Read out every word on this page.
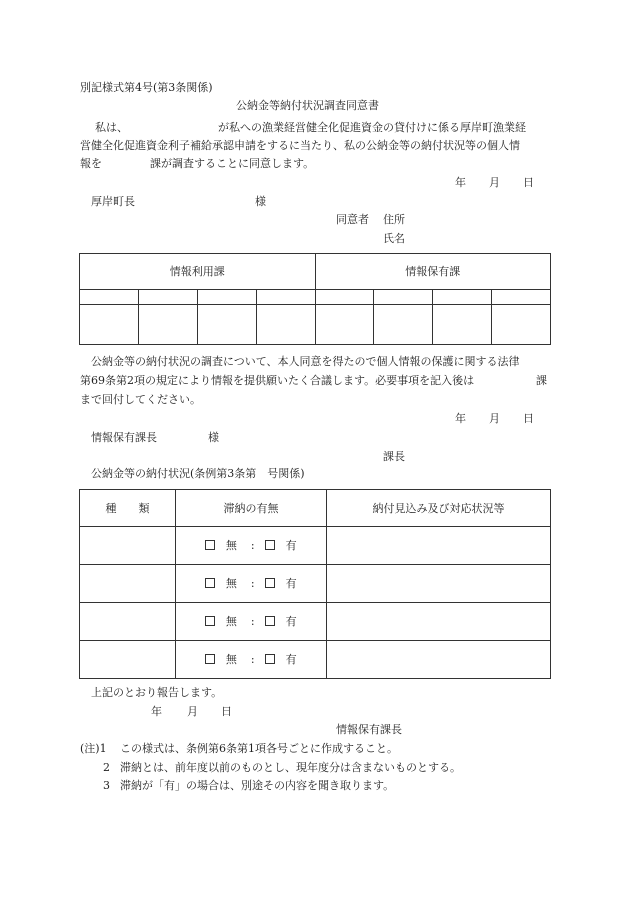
別記様式第4号(第3条関係)
公納金等納付状況調査同意書
私は、	が私への漁業経営健全化促進資金の貸付けに係る厚岸町漁業経
営健全化促進資金利子補給承認申請をするに当たり、私の公納金等の納付状況等の個人情
報を	課が調査することに同意します。
年 月 日
厚岸町長	様
同意者 住所
氏名
情報利用課				情報保有課			

公納金等の納付状況の調査について、本人同意を得たので個人情報の保護に関する法律
第69条第2項の規定により情報を提供願いたく合議します。必要事項を記入後は	課
まで回付してください。
年 月 日
情報保有課長	様
課長
公納金等の納付状況(条例第3条第　号関係)
種　　類	滞納の有無	納付見込み及び対応状況等
	無 : 有	
	無 : 有	
	無 : 有	
	無 : 有	
上記のとおり報告します。
年 月 日
情報保有課長
(注)1 この様式は、条例第6条第1項各号ごとに作成すること。
2 滞納とは、前年度以前のものとし、現年度分は含まないものとする。
3 滞納が「有」の場合は、別途その内容を聞き取ります。
